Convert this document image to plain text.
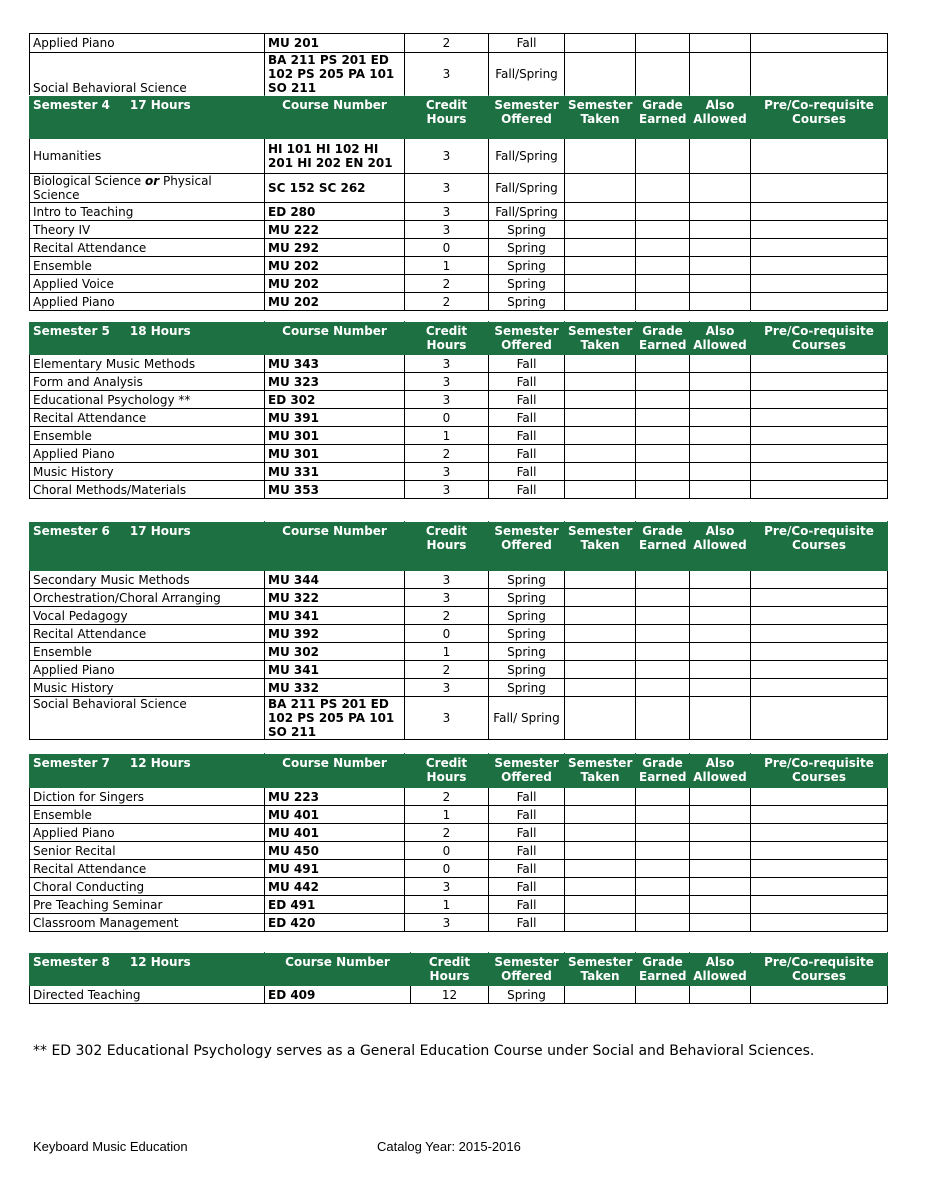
Applied Piano	MU 201	2	Fall				
Social Behavioral Science	BA 211 PS 201 ED 102 PS 205 PA 101 SO 211	3	Fall/Spring				
Semester 4 17 Hours	Course Number	Credit Hours	Semester Offered	Semester Taken	Grade Earned	Also Allowed	Pre/Co-requisite Courses
Humanities	HI 101 HI 102 HI 201 HI 202 EN 201	3	Fall/Spring				
Biological Science or Physical Science	SC 152 SC 262	3	Fall/Spring				
Intro to Teaching	ED 280	3	Fall/Spring				
Theory IV	MU 222	3	Spring				
Recital Attendance	MU 292	0	Spring				
Ensemble	MU 202	1	Spring				
Applied Voice	MU 202	2	Spring				
Applied Piano	MU 202	2	Spring				
Semester 5 18 Hours	Course Number	Credit Hours	Semester Offered	Semester Taken	Grade Earned	Also Allowed	Pre/Co-requisite Courses
Elementary Music Methods	MU 343	3	Fall				
Form and Analysis	MU 323	3	Fall				
Educational Psychology **	ED 302	3	Fall				
Recital Attendance	MU 391	0	Fall				
Ensemble	MU 301	1	Fall				
Applied Piano	MU 301	2	Fall				
Music History	MU 331	3	Fall				
Choral Methods/Materials	MU 353	3	Fall				
Semester 6 17 Hours	Course Number	Credit Hours	Semester Offered	Semester Taken	Grade Earned	Also Allowed	Pre/Co-requisite Courses
Secondary Music Methods	MU 344	3	Spring				
Orchestration/Choral Arranging	MU 322	3	Spring				
Vocal Pedagogy	MU 341	2	Spring				
Recital Attendance	MU 392	0	Spring				
Ensemble	MU 302	1	Spring				
Applied Piano	MU 341	2	Spring				
Music History	MU 332	3	Spring				
Social Behavioral Science	BA 211 PS 201 ED 102 PS 205 PA 101 SO 211	3	Fall/ Spring				
Semester 7 12 Hours	Course Number	Credit Hours	Semester Offered	Semester Taken	Grade Earned	Also Allowed	Pre/Co-requisite Courses
Diction for Singers	MU 223	2	Fall				
Ensemble	MU 401	1	Fall				
Applied Piano	MU 401	2	Fall				
Senior Recital	MU 450	0	Fall				
Recital Attendance	MU 491	0	Fall				
Choral Conducting	MU 442	3	Fall				
Pre Teaching Seminar	ED 491	1	Fall				
Classroom Management	ED 420	3	Fall				
Semester 8 12 Hours	Course Number	Credit Hours	Semester Offered	Semester Taken	Grade Earned	Also Allowed	Pre/Co-requisite Courses
Directed Teaching	ED 409	12	Spring				
** ED 302 Educational Psychology serves as a General Education Course under Social and Behavioral Sciences.
Keyboard Music Education	Catalog Year: 2015-2016
